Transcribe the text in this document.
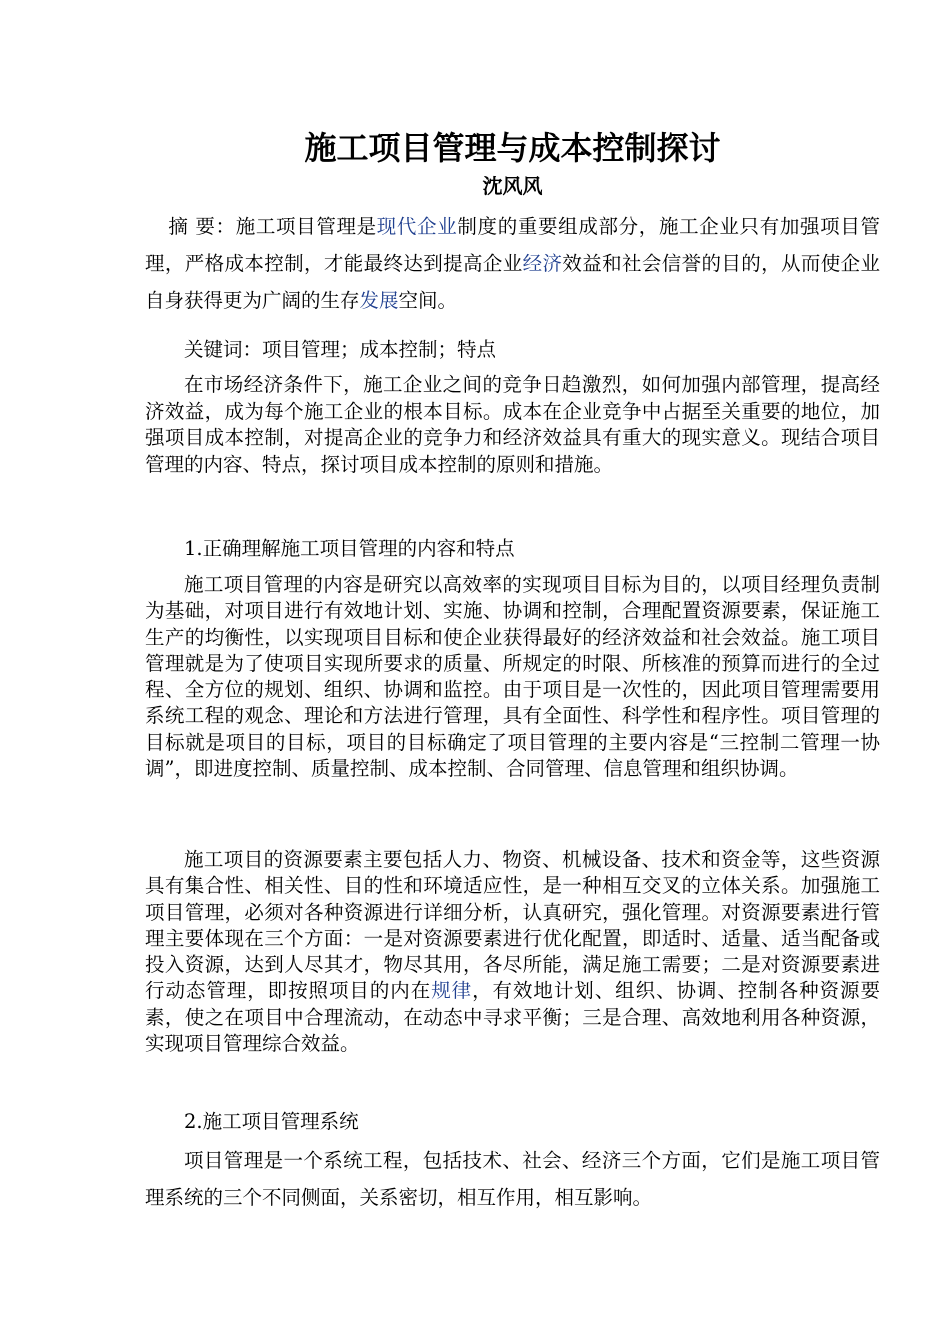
施工项目管理与成本控制探讨

沈风风

摘 要：施工项目管理是现代企业制度的重要组成部分，施工企业只有加强项目管理，严格成本控制，才能最终达到提高企业经济效益和社会信誉的目的，从而使企业自身获得更为广阔的生存发展空间。

关键词：项目管理；成本控制；特点

在市场经济条件下，施工企业之间的竞争日趋激烈，如何加强内部管理，提高经济效益，成为每个施工企业的根本目标。成本在企业竞争中占据至关重要的地位，加强项目成本控制，对提高企业的竞争力和经济效益具有重大的现实意义。现结合项目管理的内容、特点，探讨项目成本控制的原则和措施。

1.正确理解施工项目管理的内容和特点

施工项目管理的内容是研究以高效率的实现项目目标为目的，以项目经理负责制为基础，对项目进行有效地计划、实施、协调和控制，合理配置资源要素，保证施工生产的均衡性，以实现项目目标和使企业获得最好的经济效益和社会效益。施工项目管理就是为了使项目实现所要求的质量、所规定的时限、所核准的预算而进行的全过程、全方位的规划、组织、协调和监控。由于项目是一次性的，因此项目管理需要用系统工程的观念、理论和方法进行管理，具有全面性、科学性和程序性。项目管理的目标就是项目的目标，项目的目标确定了项目管理的主要内容是“三控制二管理一协调”，即进度控制、质量控制、成本控制、合同管理、信息管理和组织协调。

施工项目的资源要素主要包括人力、物资、机械设备、技术和资金等，这些资源具有集合性、相关性、目的性和环境适应性，是一种相互交叉的立体关系。加强施工项目管理，必须对各种资源进行详细分析，认真研究，强化管理。对资源要素进行管理主要体现在三个方面：一是对资源要素进行优化配置，即适时、适量、适当配备或投入资源，达到人尽其才，物尽其用，各尽所能，满足施工需要；二是对资源要素进行动态管理，即按照项目的内在规律，有效地计划、组织、协调、控制各种资源要素，使之在项目中合理流动，在动态中寻求平衡；三是合理、高效地利用各种资源，实现项目管理综合效益。

2.施工项目管理系统

项目管理是一个系统工程，包括技术、社会、经济三个方面，它们是施工项目管理系统的三个不同侧面，关系密切，相互作用，相互影响。
